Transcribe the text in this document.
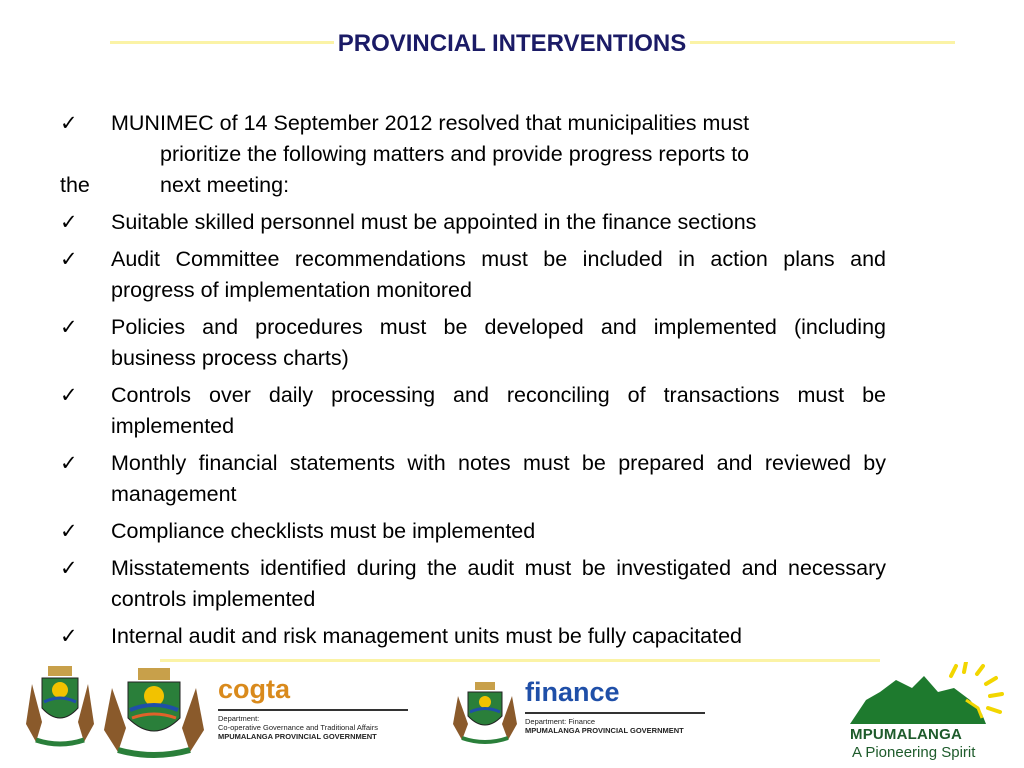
PROVINCIAL INTERVENTIONS
✓	MUNIMEC of 14 September 2012 resolved that municipalities must
prioritize the following matters and provide progress reports to
the	next meeting:
✓ Suitable skilled personnel must be appointed in the finance sections
✓ Audit Committee recommendations must be included in action plans and progress of implementation monitored
✓ Policies and procedures must be developed and implemented (including business process charts)
✓ Controls over daily processing and reconciling of transactions must be implemented
✓ Monthly financial statements with notes must be prepared and reviewed by management
✓ Compliance checklists must be implemented
✓ Misstatements identified during the audit must be investigated and necessary controls implemented
✓ Internal audit and risk management units must be fully capacitated
cogta
Department:
Co-operative Governance and Traditional Affairs
MPUMALANGA PROVINCIAL GOVERNMENT
finance
Department: Finance
MPUMALANGA PROVINCIAL GOVERNMENT	MPUMALANGA
A Pioneering Spirit
